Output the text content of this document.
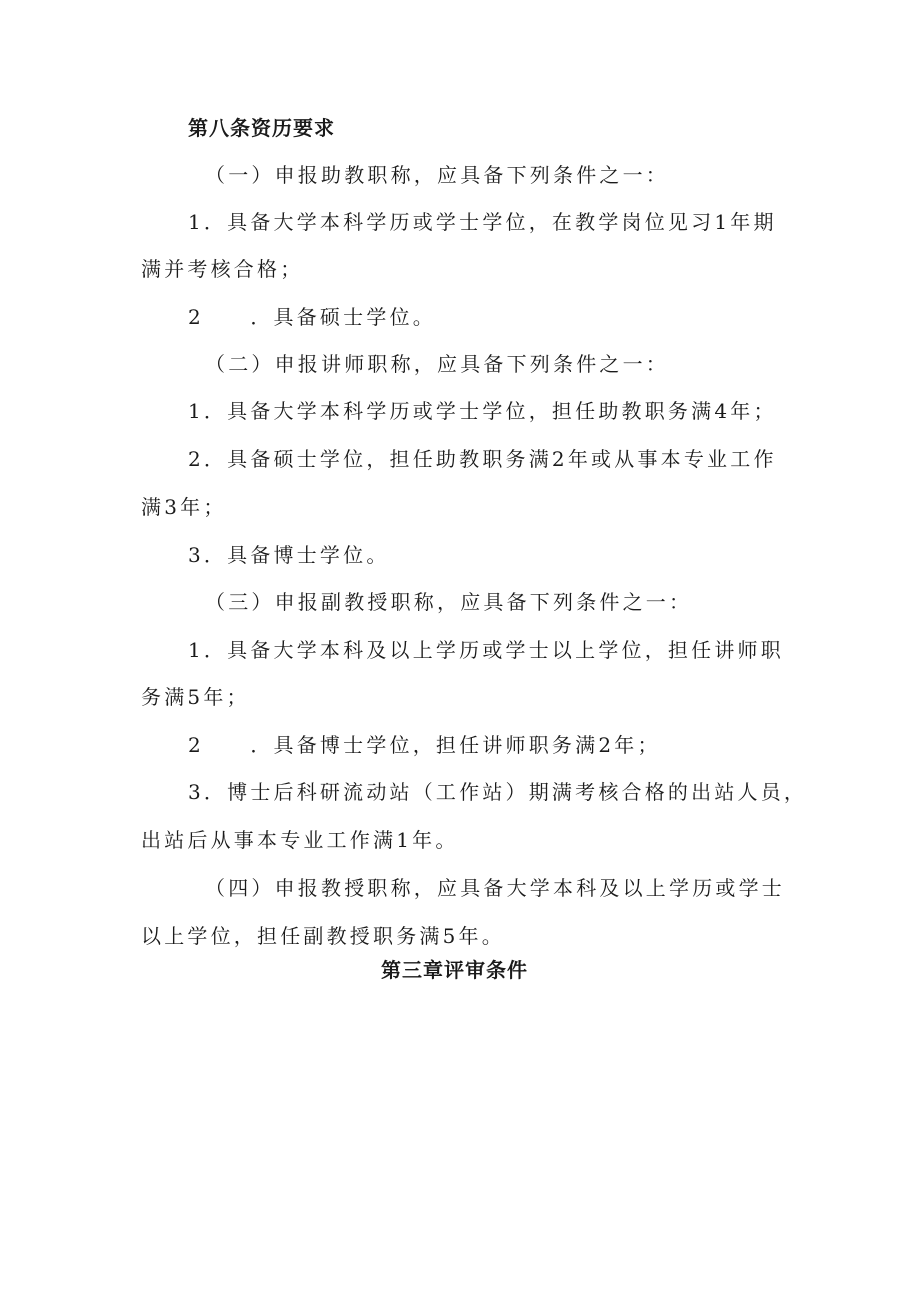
第八条资历要求
（一）申报助教职称，应具备下列条件之一：
1．具备大学本科学历或学士学位，在教学岗位见习1年期
满并考核合格；
2　　．具备硕士学位。
（二）申报讲师职称，应具备下列条件之一：
1．具备大学本科学历或学士学位，担任助教职务满4年；
2．具备硕士学位，担任助教职务满2年或从事本专业工作
满3年；
3．具备博士学位。
（三）申报副教授职称，应具备下列条件之一：
1．具备大学本科及以上学历或学士以上学位，担任讲师职
务满5年；
2　　．具备博士学位，担任讲师职务满2年；
3．博士后科研流动站（工作站）期满考核合格的出站人员，
出站后从事本专业工作满1年。
（四）申报教授职称，应具备大学本科及以上学历或学士
以上学位，担任副教授职务满5年。
第三章评审条件
